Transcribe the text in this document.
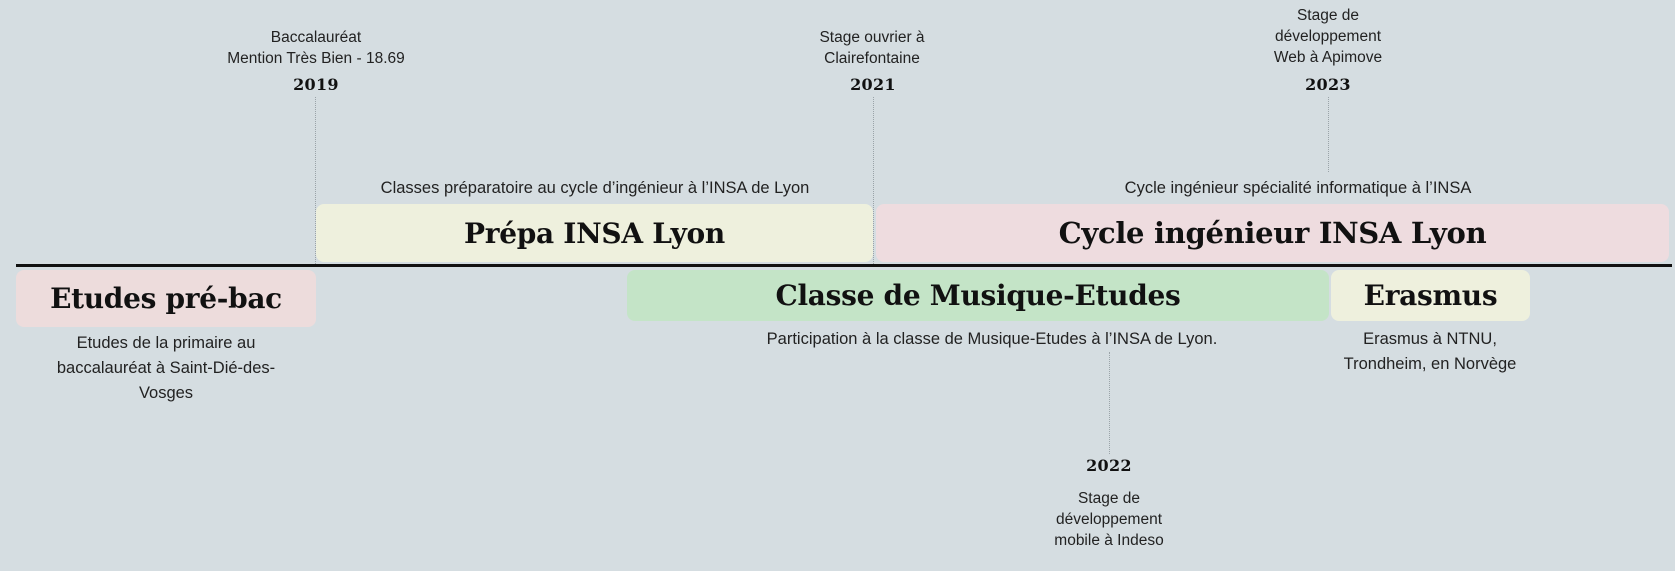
Baccalauréat
Mention Très Bien - 18.69
2019
Stage ouvrier à
Clairefontaine
2021
Stage de
développement
Web à Apimove
2023
2022
Stage de
développement
mobile à Indeso
Etudes pré-bac
Etudes de la primaire au
baccalauréat à Saint-Dié-des-
Vosges
Classes préparatoire au cycle d’ingénieur à l’INSA de Lyon
Prépa INSA Lyon
Cycle ingénieur spécialité informatique à l’INSA
Cycle ingénieur INSA Lyon
Classe de Musique-Etudes
Participation à la classe de Musique-Etudes à l’INSA de Lyon.
Erasmus
Erasmus à NTNU,
Trondheim, en Norvège
